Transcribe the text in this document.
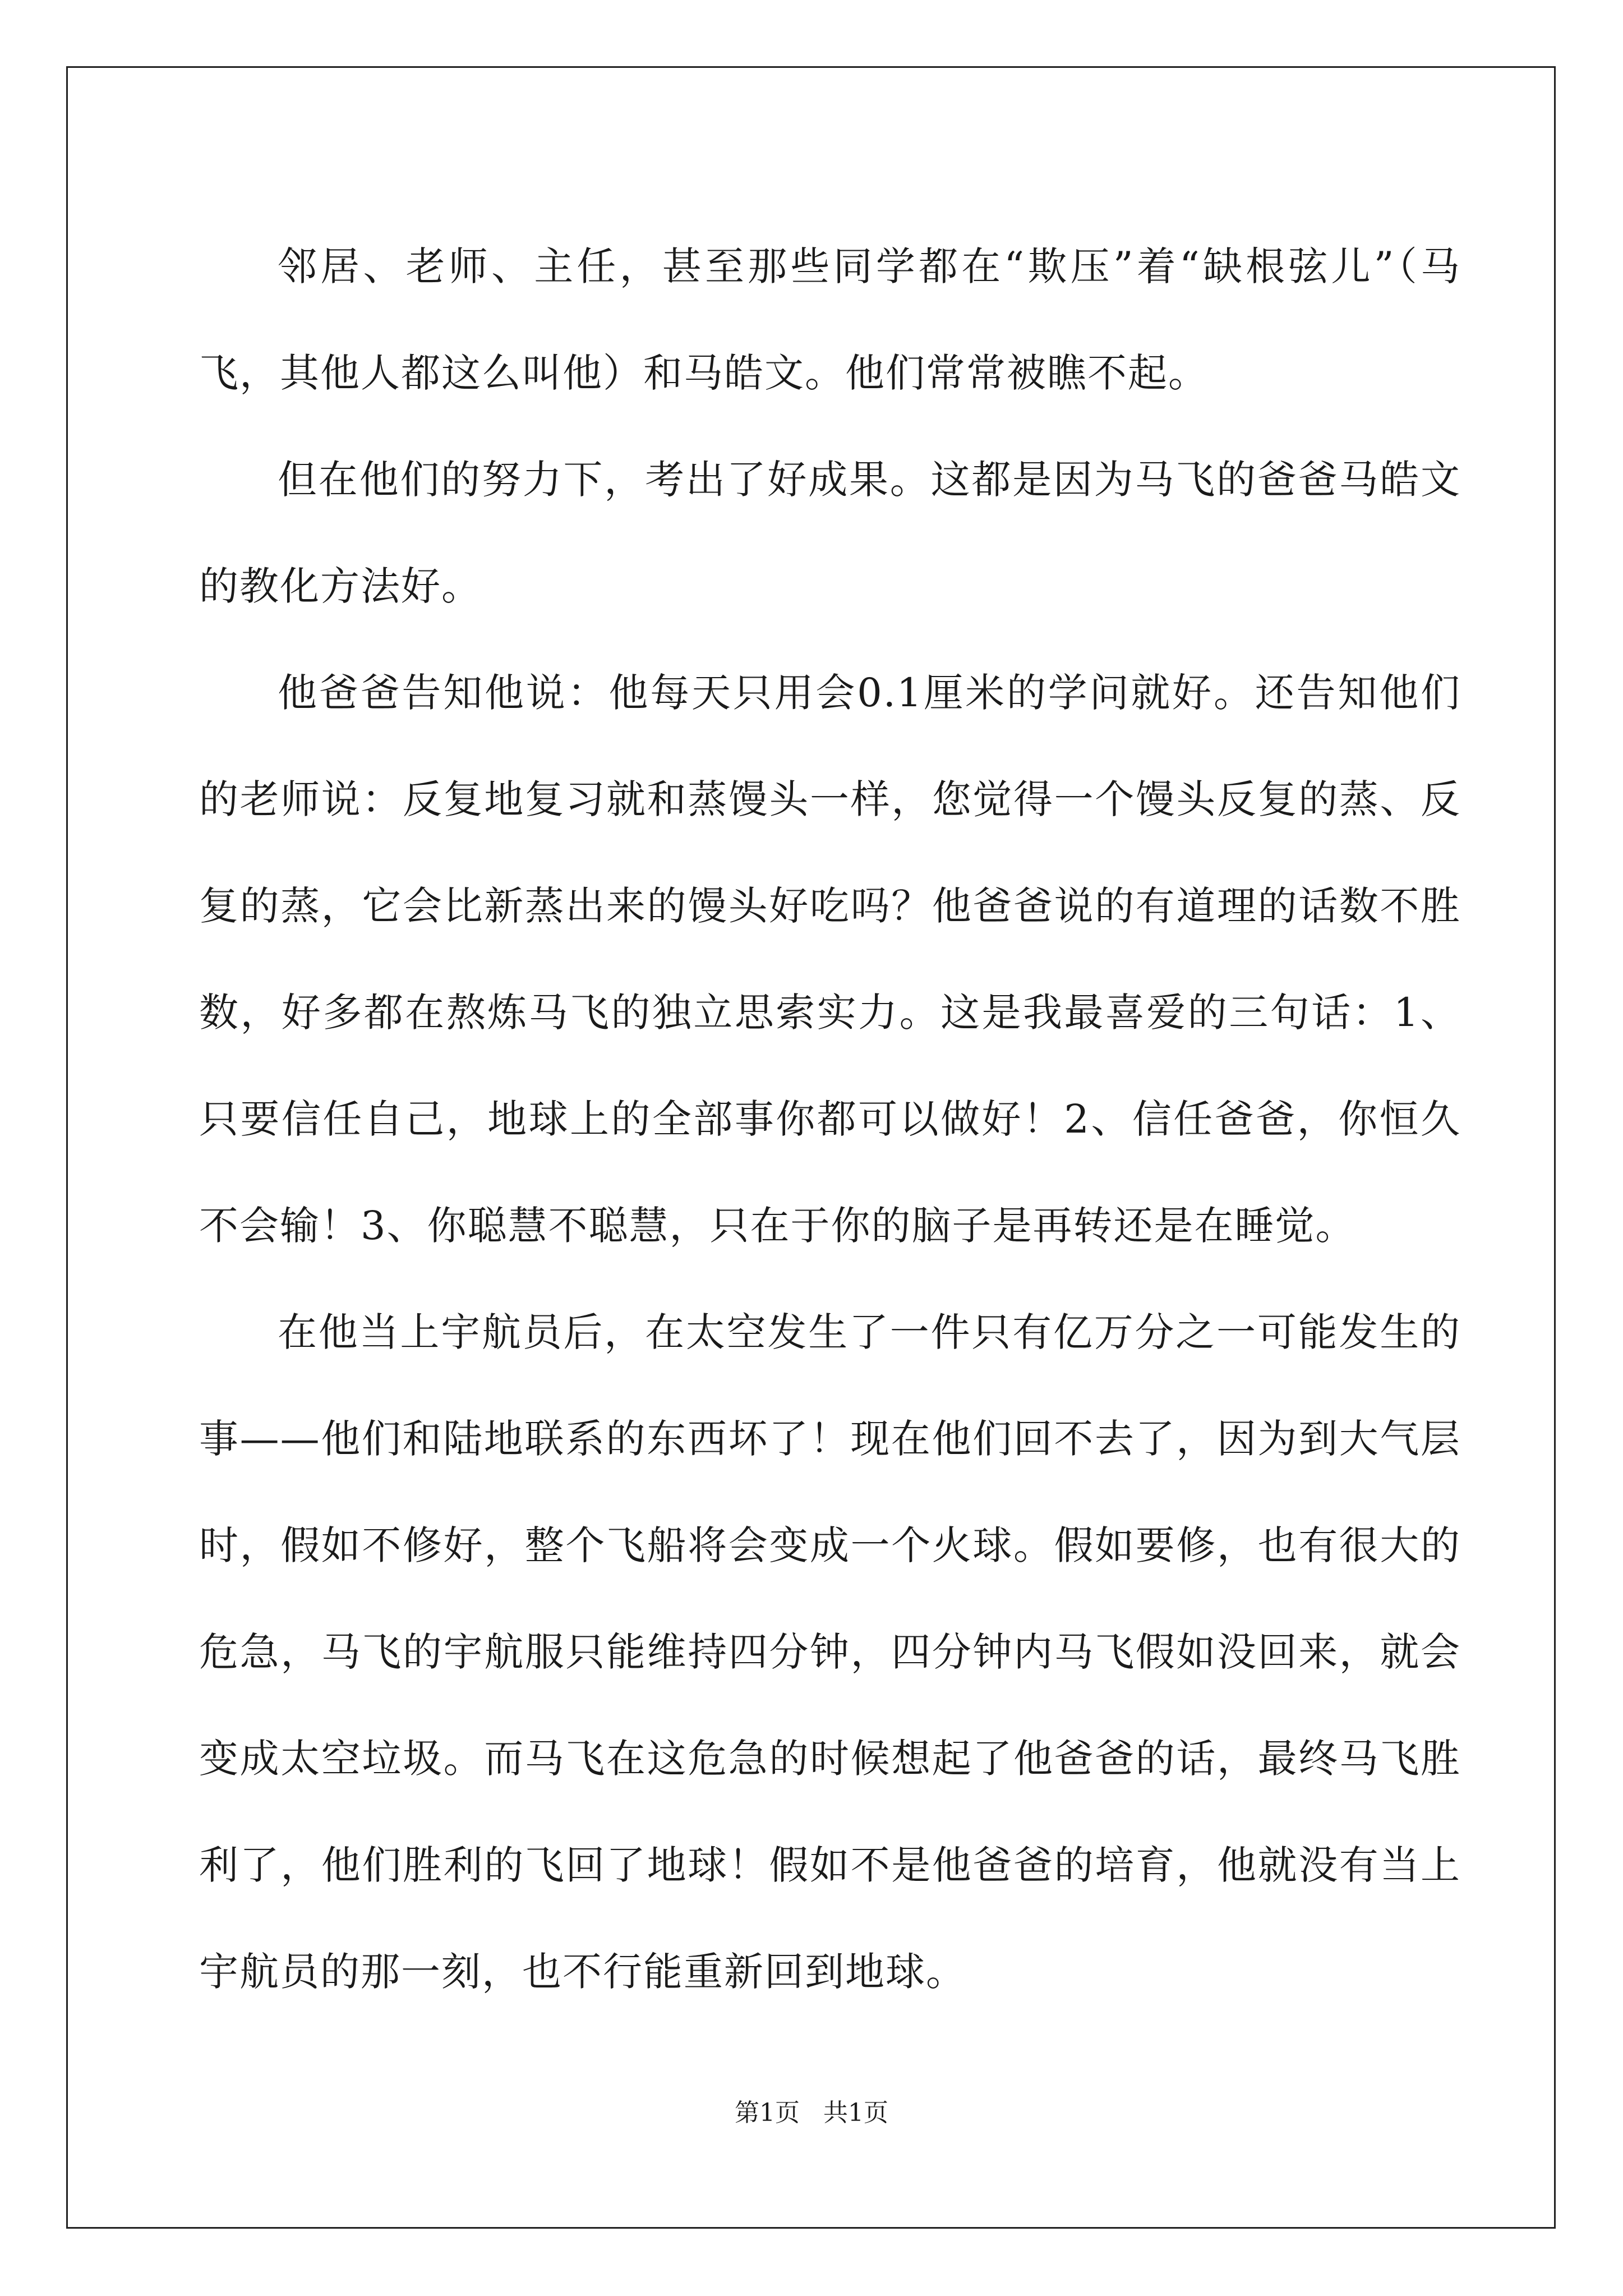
邻居、老师、主任，甚至那些同学都在“欺压”着“缺根弦儿”（马飞，其他人都这么叫他）和马皓文。他们常常被瞧不起。

但在他们的努力下，考出了好成果。这都是因为马飞的爸爸马皓文的教化方法好。

他爸爸告知他说：他每天只用会0.1厘米的学问就好。还告知他们的老师说：反复地复习就和蒸馒头一样，您觉得一个馒头反复的蒸、反复的蒸，它会比新蒸出来的馒头好吃吗？他爸爸说的有道理的话数不胜数，好多都在熬炼马飞的独立思索实力。这是我最喜爱的三句话：1、只要信任自己，地球上的全部事你都可以做好！2、信任爸爸，你恒久不会输！3、你聪慧不聪慧，只在于你的脑子是再转还是在睡觉。

在他当上宇航员后，在太空发生了一件只有亿万分之一可能发生的事——他们和陆地联系的东西坏了！现在他们回不去了，因为到大气层时，假如不修好，整个飞船将会变成一个火球。假如要修，也有很大的危急，马飞的宇航服只能维持四分钟，四分钟内马飞假如没回来，就会变成太空垃圾。而马飞在这危急的时候想起了他爸爸的话，最终马飞胜利了，他们胜利的飞回了地球！假如不是他爸爸的培育，他就没有当上宇航员的那一刻，也不行能重新回到地球。

第1页   共1页
